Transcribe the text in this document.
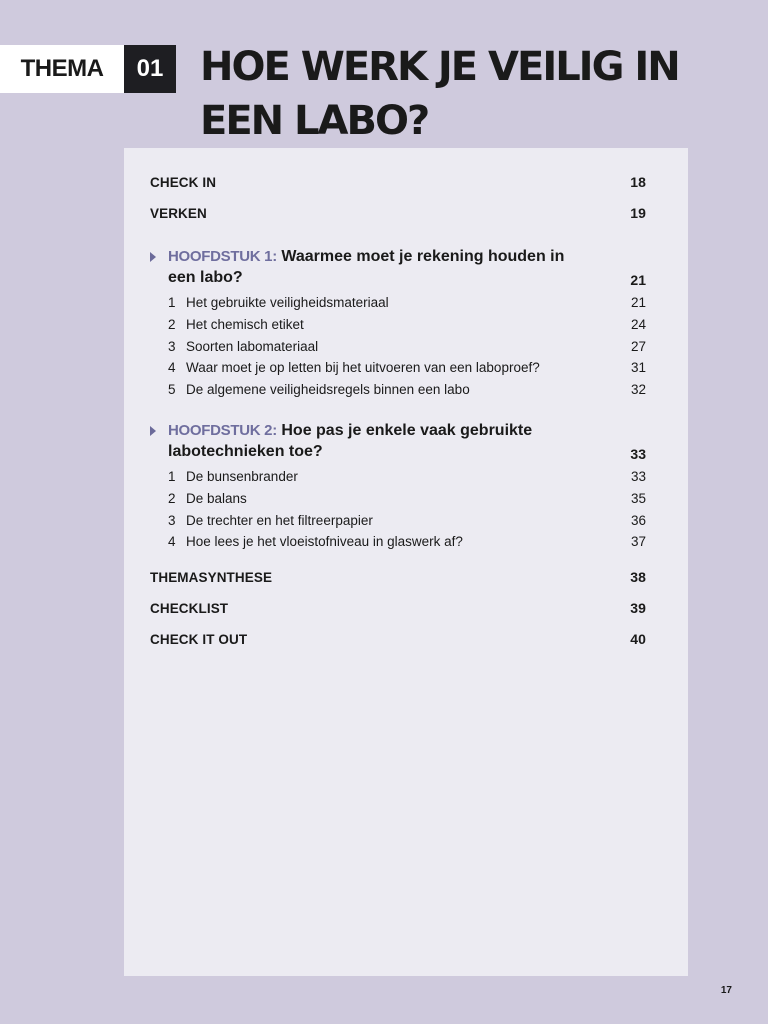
THEMA	01 HOE WERK JE VEILIG IN EEN LABO?
CHECK IN	18
VERKEN	19
HOOFDSTUK 1: Waarmee moet je rekening houden in een labo?	21
1 Het gebruikte veiligheidsmateriaal	21
2 Het chemisch etiket	24
3 Soorten labomateriaal	27
4 Waar moet je op letten bij het uitvoeren van een laboproef?	31
5 De algemene veiligheidsregels binnen een labo	32
HOOFDSTUK 2: Hoe pas je enkele vaak gebruikte labotechnieken toe?	33
1 De bunsenbrander	33
2 De balans	35
3 De trechter en het filtreerpapier	36
4 Hoe lees je het vloeistofniveau in glaswerk af?	37
THEMASYNTHESE	38
CHECKLIST	39
CHECK IT OUT	40
17
